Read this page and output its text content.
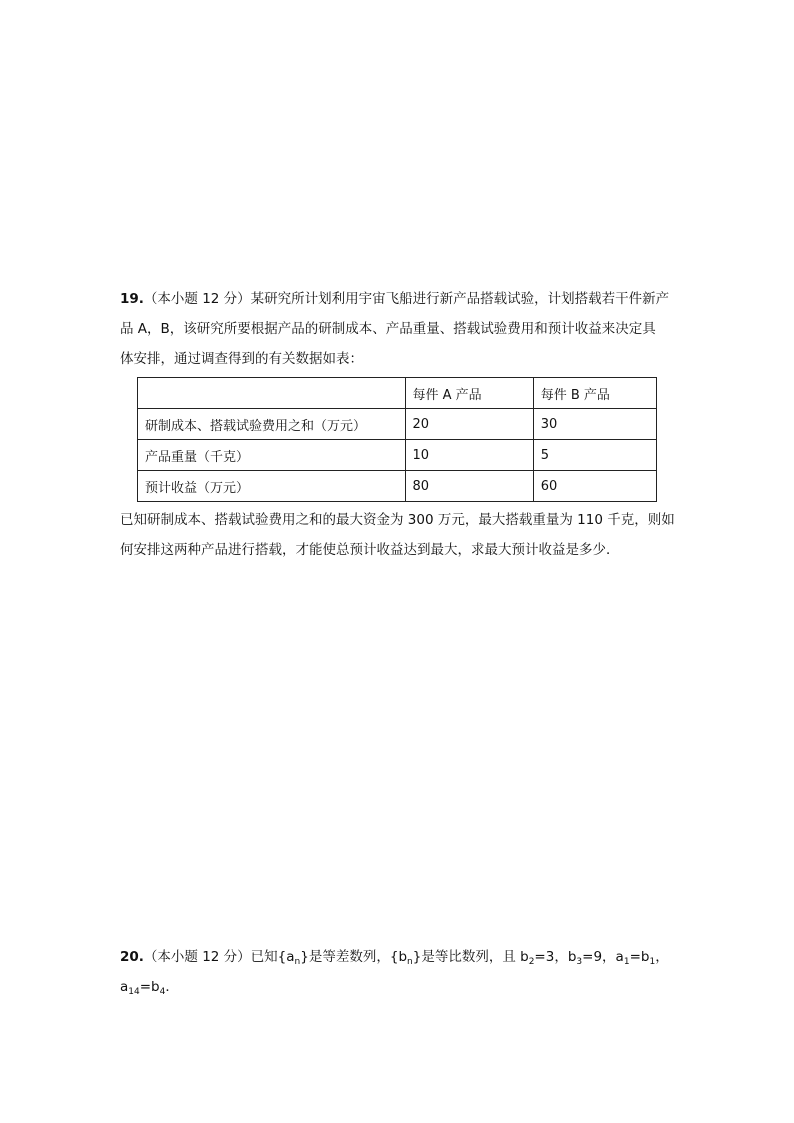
19.（本小题 12 分）某研究所计划利用宇宙飞船进行新产品搭载试验，计划搭载若干件新产
品 A，B，该研究所要根据产品的研制成本、产品重量、搭载试验费用和预计收益来决定具
体安排，通过调查得到的有关数据如表：
	每件 A 产品	每件 B 产品
研制成本、搭载试验费用之和（万元）	20	30
产品重量（千克）	10	5
预计收益（万元）	80	60
已知研制成本、搭载试验费用之和的最大资金为 300 万元，最大搭载重量为 110 千克，则如
何安排这两种产品进行搭载，才能使总预计收益达到最大，求最大预计收益是多少．
20.（本小题 12 分）已知$\{a_n\}$是等差数列，$\{b_n\}$是等比数列，且 $b_2=3$，$b_3=9$，$a_1=b_1$，
$a_{14}=b_4$．
